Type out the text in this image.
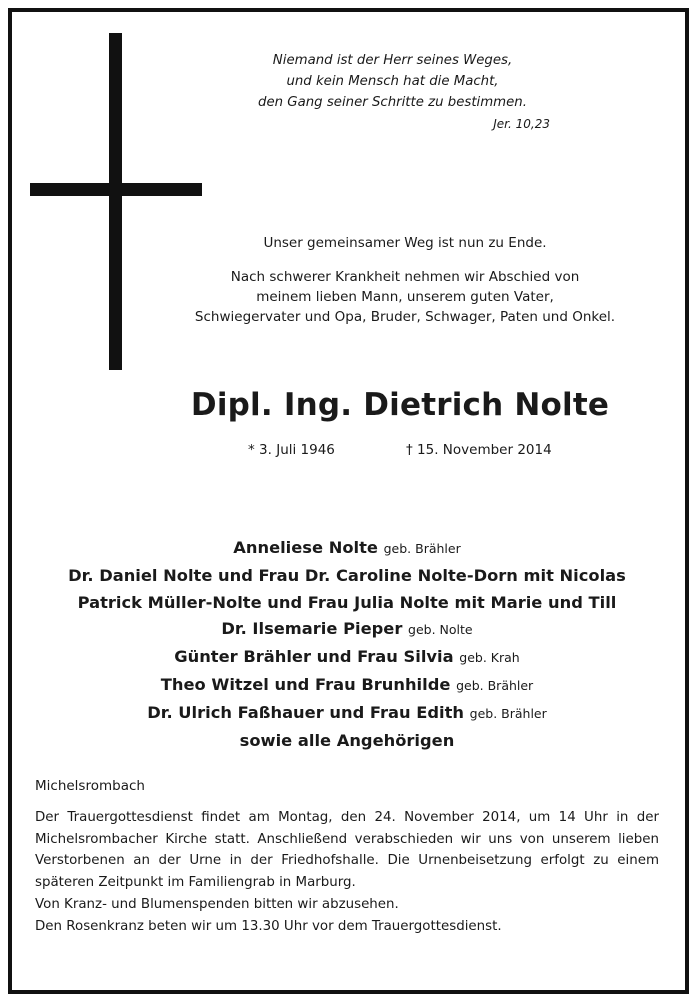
Niemand ist der Herr seines Weges,
und kein Mensch hat die Macht,
den Gang seiner Schritte zu bestimmen.
Jer. 10,23
Unser gemeinsamer Weg ist nun zu Ende.
Nach schwerer Krankheit nehmen wir Abschied von
meinem lieben Mann, unserem guten Vater,
Schwiegervater und Opa, Bruder, Schwager, Paten und Onkel.
Dipl. Ing. Dietrich Nolte
* 3. Juli 1946	† 15. November 2014
Anneliese Nolte geb. Brähler
Dr. Daniel Nolte und Frau Dr. Caroline Nolte-Dorn mit Nicolas
Patrick Müller-Nolte und Frau Julia Nolte mit Marie und Till
Dr. Ilsemarie Pieper geb. Nolte
Günter Brähler und Frau Silvia geb. Krah
Theo Witzel und Frau Brunhilde geb. Brähler
Dr. Ulrich Faßhauer und Frau Edith geb. Brähler
sowie alle Angehörigen
Michelsrombach

Der Trauergottesdienst findet am Montag, den 24. November 2014, um 14 Uhr in der Michelsrombacher Kirche statt. Anschließend verabschieden wir uns von unserem lieben Verstorbenen an der Urne in der Friedhofshalle. Die Urnenbeisetzung erfolgt zu einem späteren Zeitpunkt im Familiengrab in Marburg.

Von Kranz- und Blumenspenden bitten wir abzusehen.

Den Rosenkranz beten wir um 13.30 Uhr vor dem Trauergottesdienst.
